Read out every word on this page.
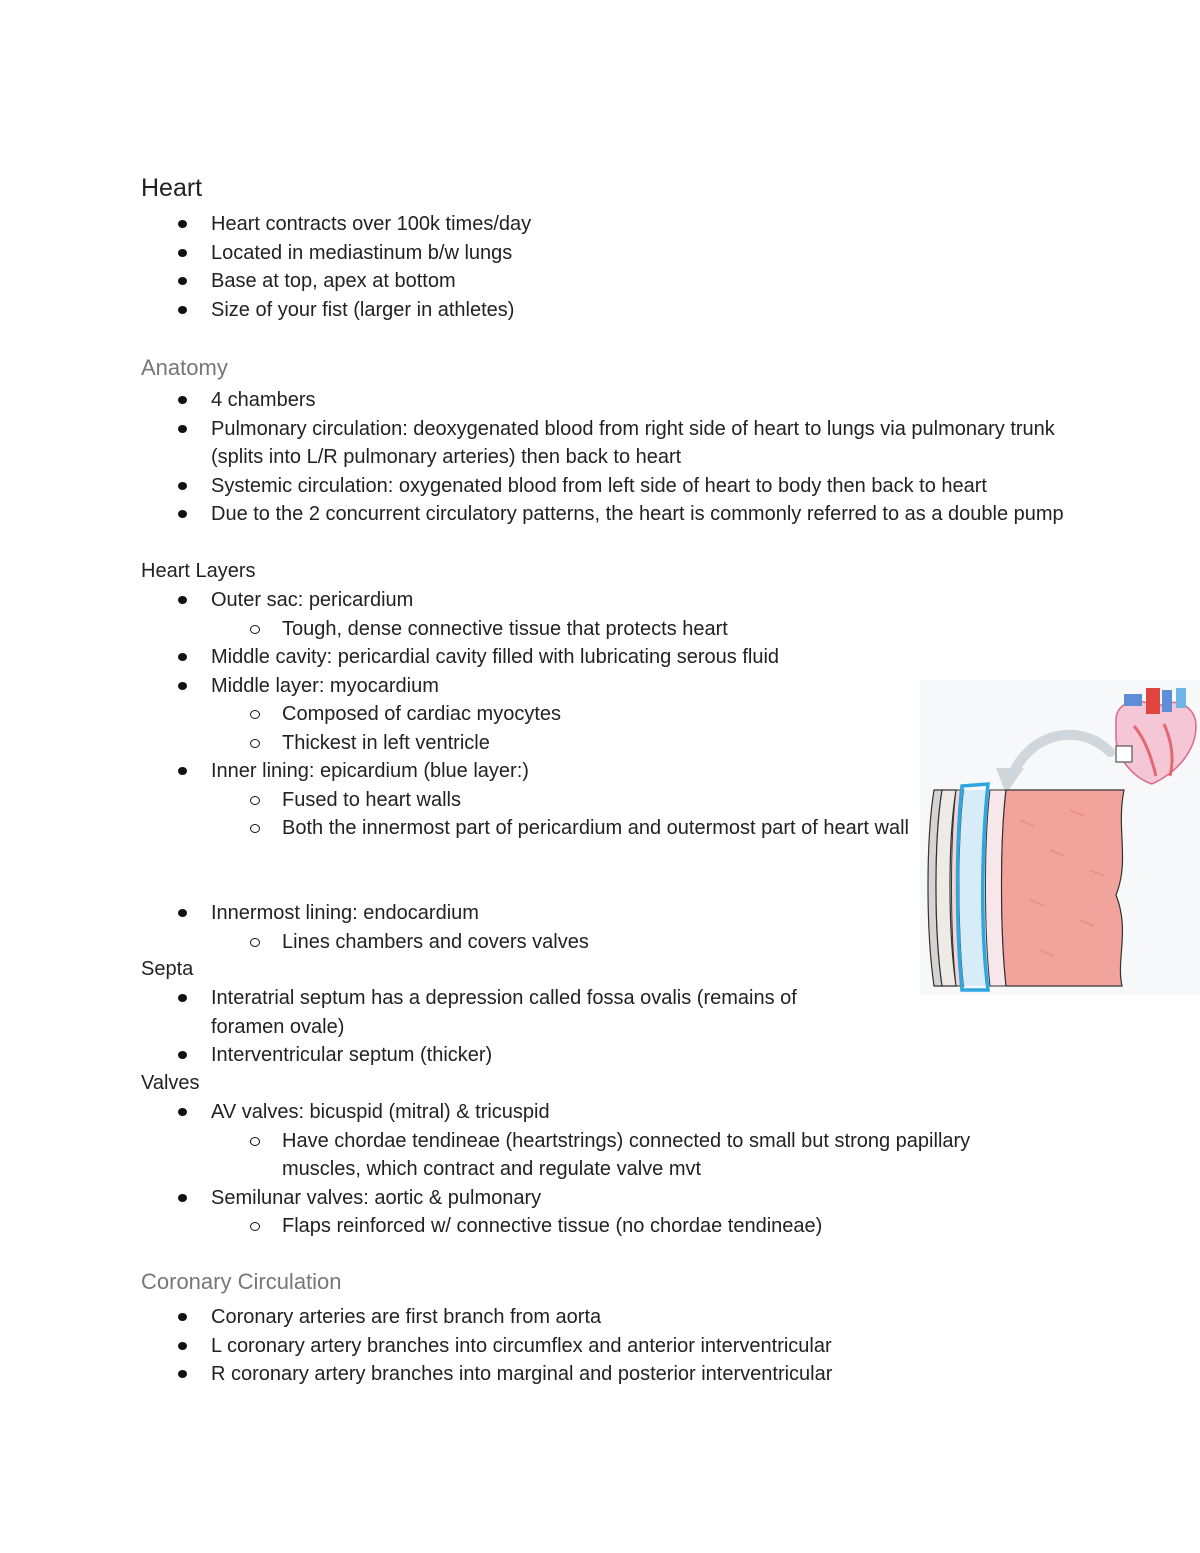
Heart
Heart contracts over 100k times/day
Located in mediastinum b/w lungs
Base at top, apex at bottom
Size of your fist (larger in athletes)
Anatomy
4 chambers
Pulmonary circulation: deoxygenated blood from right side of heart to lungs via pulmonary trunk (splits into L/R pulmonary arteries) then back to heart
Systemic circulation: oxygenated blood from left side of heart to body then back to heart
Due to the 2 concurrent circulatory patterns, the heart is commonly referred to as a double pump
Heart Layers
Outer sac: pericardium
Tough, dense connective tissue that protects heart
Middle cavity: pericardial cavity filled with lubricating serous fluid
Middle layer: myocardium
Composed of cardiac myocytes
Thickest in left ventricle
Inner lining: epicardium (blue layer:)
Fused to heart walls
Both the innermost part of pericardium and outermost part of heart wall
Innermost lining: endocardium
Lines chambers and covers valves
Septa
Interatrial septum has a depression called fossa ovalis (remains of foramen ovale)
Interventricular septum (thicker)
Valves
AV valves: bicuspid (mitral) & tricuspid
Have chordae tendineae (heartstrings) connected to small but strong papillary muscles, which contract and regulate valve mvt
Semilunar valves: aortic & pulmonary
Flaps reinforced w/ connective tissue (no chordae tendineae)
Coronary Circulation
Coronary arteries are first branch from aorta
L coronary artery branches into circumflex and anterior interventricular
R coronary artery branches into marginal and posterior interventricular
